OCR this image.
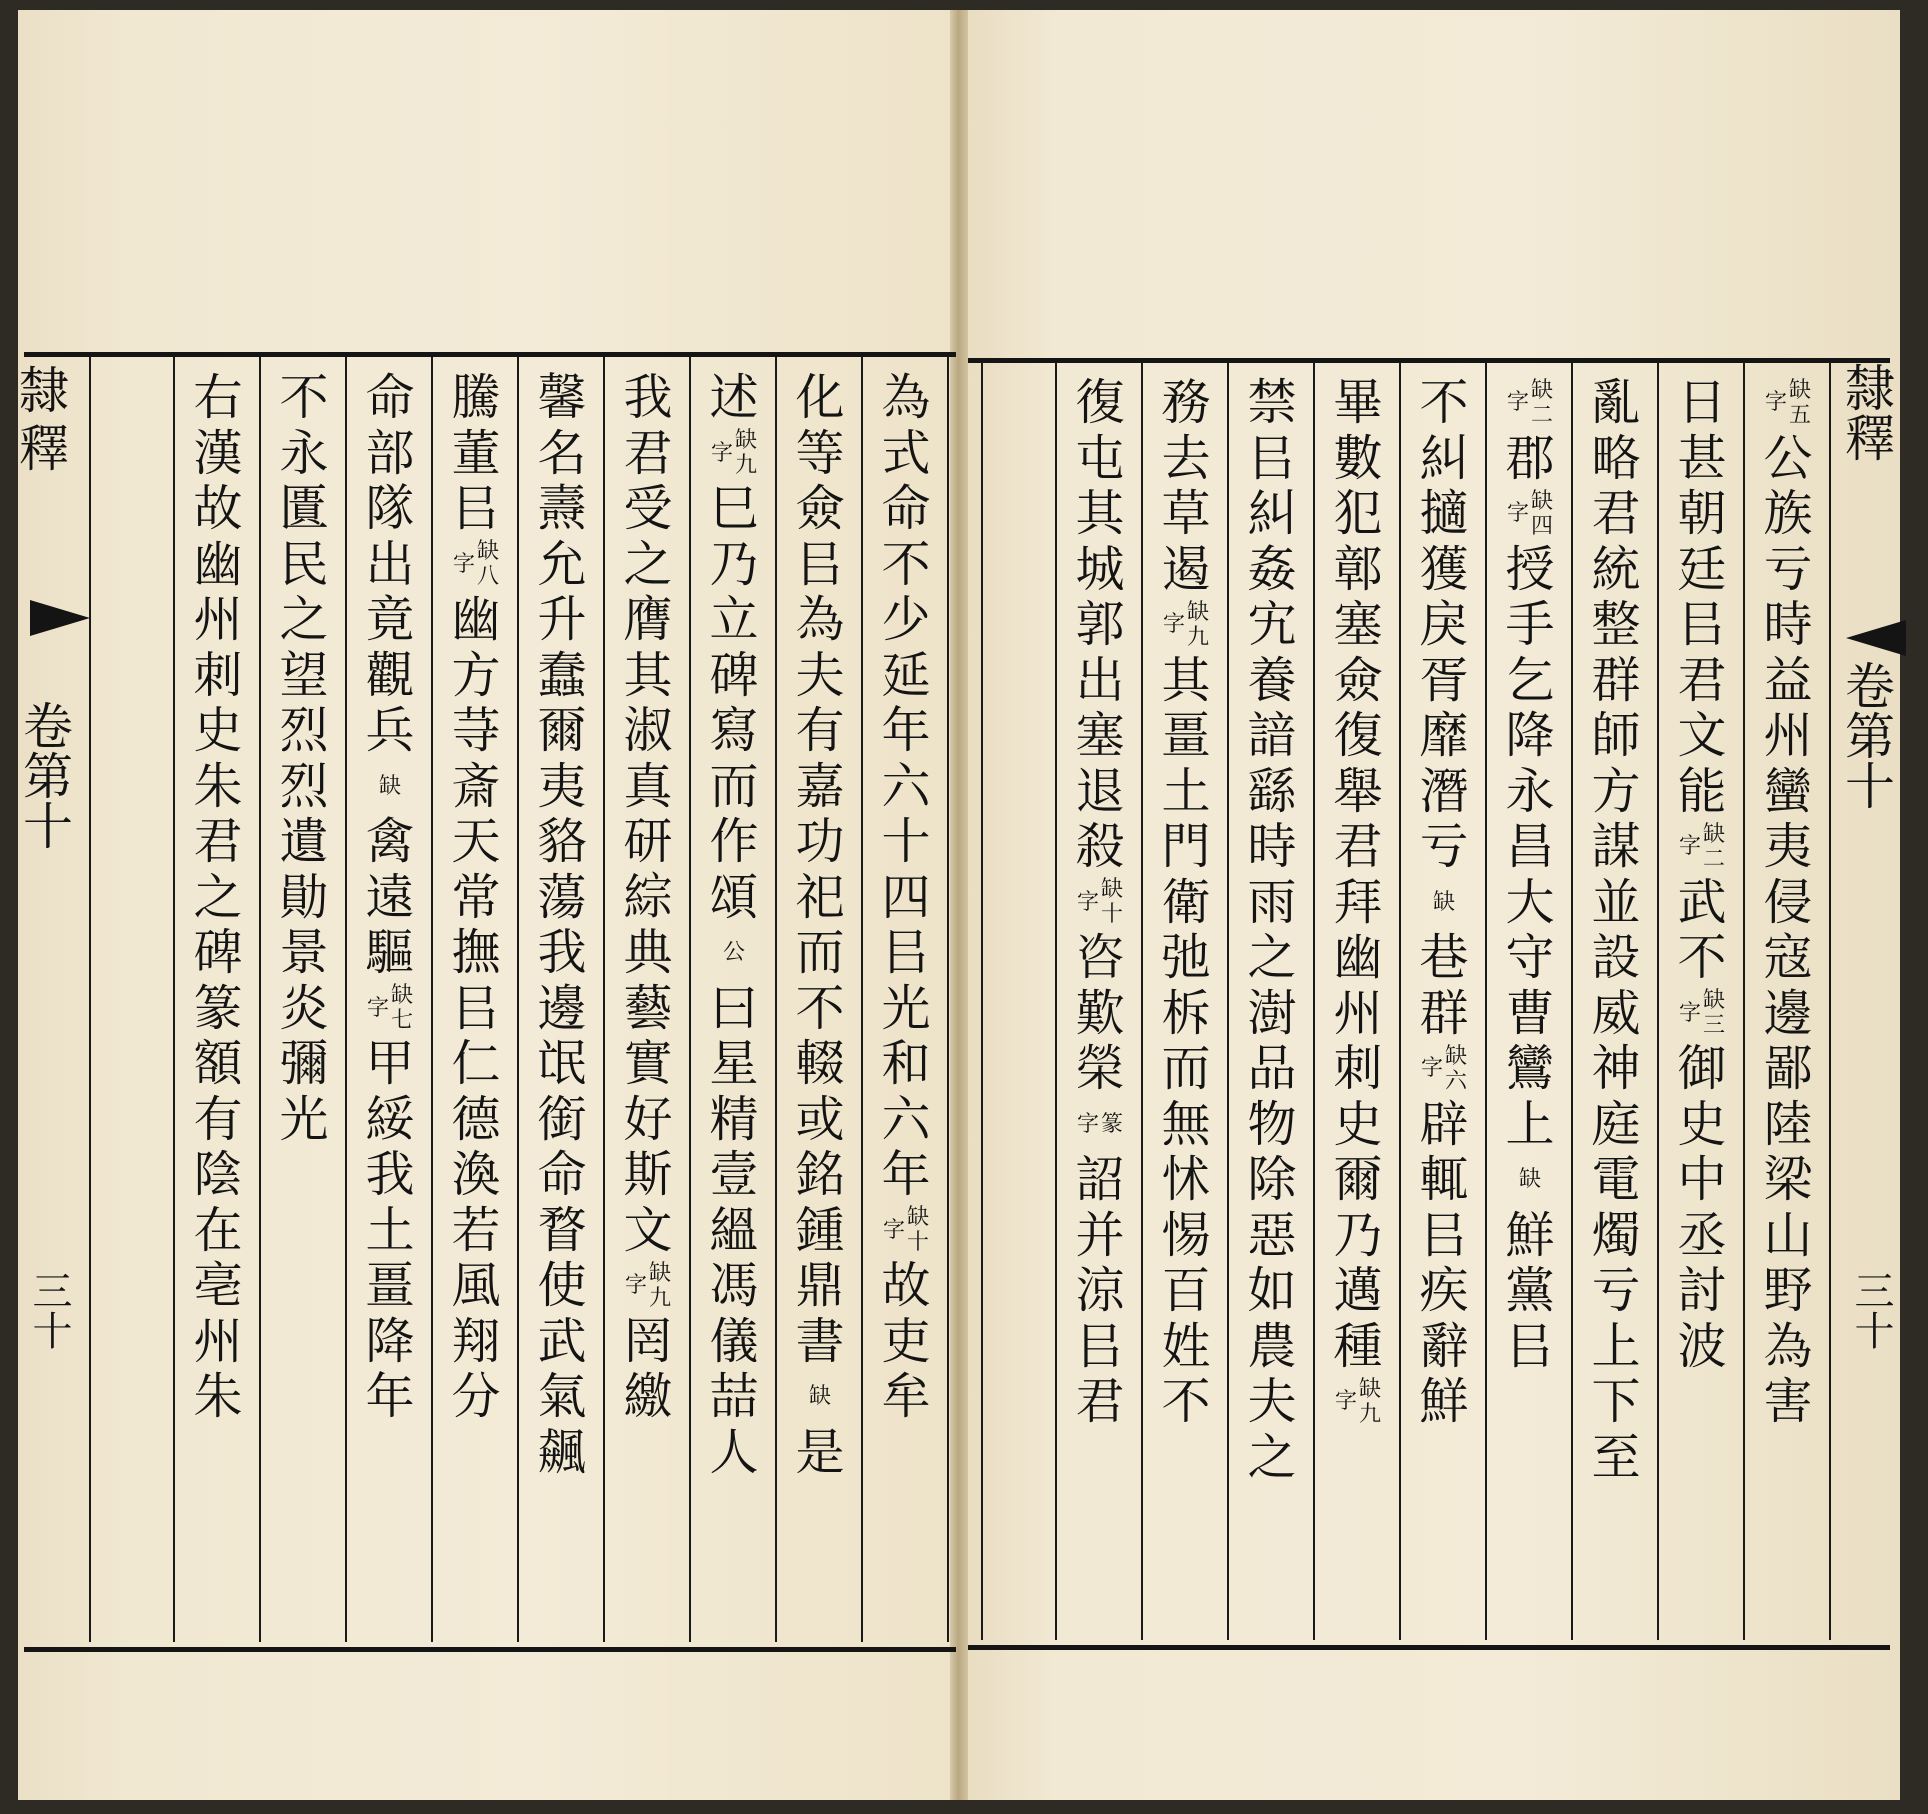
隸釋
卷第十
三十
隸釋
卷第十
三十
缺
五
字
公
族
亏
時
益
州
蠻
夷
侵
寇
邊
鄙
陸
梁
山
野
為
害
日
甚
朝
廷
㠯
君
文
能
缺
二
字
武
不
缺
三
字
御
史
中
丞
討
波
亂
略
君
統
整
群
師
方
謀
並
設
威
神
庭
電
燭
亏
上
下
至
缺
二
字
郡
缺
四
字
授
手
乞
降
永
昌
大
守
曹
鸞
上
缺
鮮
黨
㠯
不
糾
擿
獲
戾
胥
靡
潛
亏
缺
巷
群
缺
六
字
辟
輒
㠯
疾
辭
鮮
畢
數
犯
鄣
塞
僉
復
舉
君
拜
幽
州
刺
史
爾
乃
邁
種
缺
九
字
禁
㠯
糾
姦
宄
養
諳
繇
時
雨
之
澍
品
物
除
惡
如
農
夫
之
務
去
草
遏
缺
九
字
其
畺
土
門
衛
弛
柝
而
無
怵
惕
百
姓
不
復
屯
其
城
郭
出
塞
退
殺
缺
十
字
咨
歎
榮
篆
字
詔
并
涼
㠯
君
為
式
命
不
少
延
年
六
十
四
㠯
光
和
六
年
缺
十
字
故
吏
牟
化
等
僉
㠯
為
夫
有
嘉
功
祀
而
不
輟
或
銘
鍾
鼎
書
缺
是
述
缺
九
字
巳
乃
立
碑
寫
而
作
頌
公
曰
星
精
壹
縕
馮
儀
喆
人
我
君
受
之
膺
其
淑
真
研
綜
典
藝
實
好
斯
文
缺
九
字
罔
繳
馨
名
燾
允
升
蠢
爾
夷
貉
蕩
我
邊
氓
銜
命
瞀
使
武
氣
飆
騰
董
㠯
缺
八
字
幽
方
䒭
斎
天
常
撫
㠯
仁
德
渙
若
風
翔
分
命
部
隊
出
竟
觀
兵
缺
禽
遠
驅
缺
七
字
甲
綏
我
土
畺
降
年
不
永
匱
民
之
望
烈
烈
遺
勛
景
炎
彌
光
右
漢
故
幽
州
刺
史
朱
君
之
碑
篆
額
有
陰
在
亳
州
朱
